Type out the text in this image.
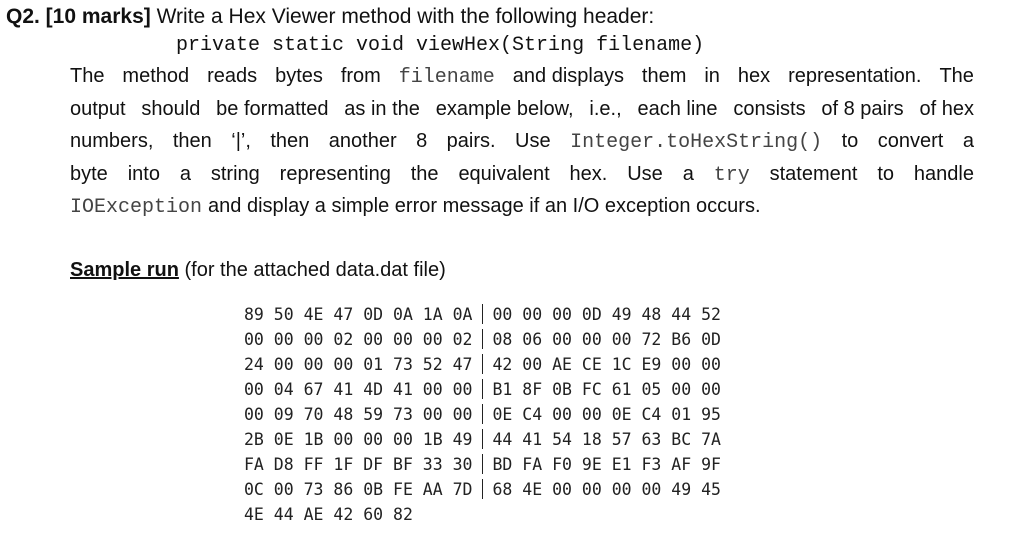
Q2. [10 marks] Write a Hex Viewer method with the following header:
private static void viewHex(String filename)
The method reads bytes from filename and displays them in hex representation. The
output should be formatted as in the example below, i.e., each line consists of 8 pairs of hex
numbers, then ‘|’, then another 8 pairs. Use Integer.toHexString() to convert a
byte into a string representing the equivalent hex. Use a try statement to handle
IOException and display a simple error message if an I/O exception occurs.
Sample run (for the attached data.dat file)
89 50 4E 47 0D 0A 1A 0A 00 00 00 0D 49 48 44 52
00 00 00 02 00 00 00 02 08 06 00 00 00 72 B6 0D
24 00 00 00 01 73 52 47 42 00 AE CE 1C E9 00 00
00 04 67 41 4D 41 00 00 B1 8F 0B FC 61 05 00 00
00 09 70 48 59 73 00 00 0E C4 00 00 0E C4 01 95
2B 0E 1B 00 00 00 1B 49 44 41 54 18 57 63 BC 7A
FA D8 FF 1F DF BF 33 30 BD FA F0 9E E1 F3 AF 9F
0C 00 73 86 0B FE AA 7D 68 4E 00 00 00 00 49 45
4E 44 AE 42 60 82
